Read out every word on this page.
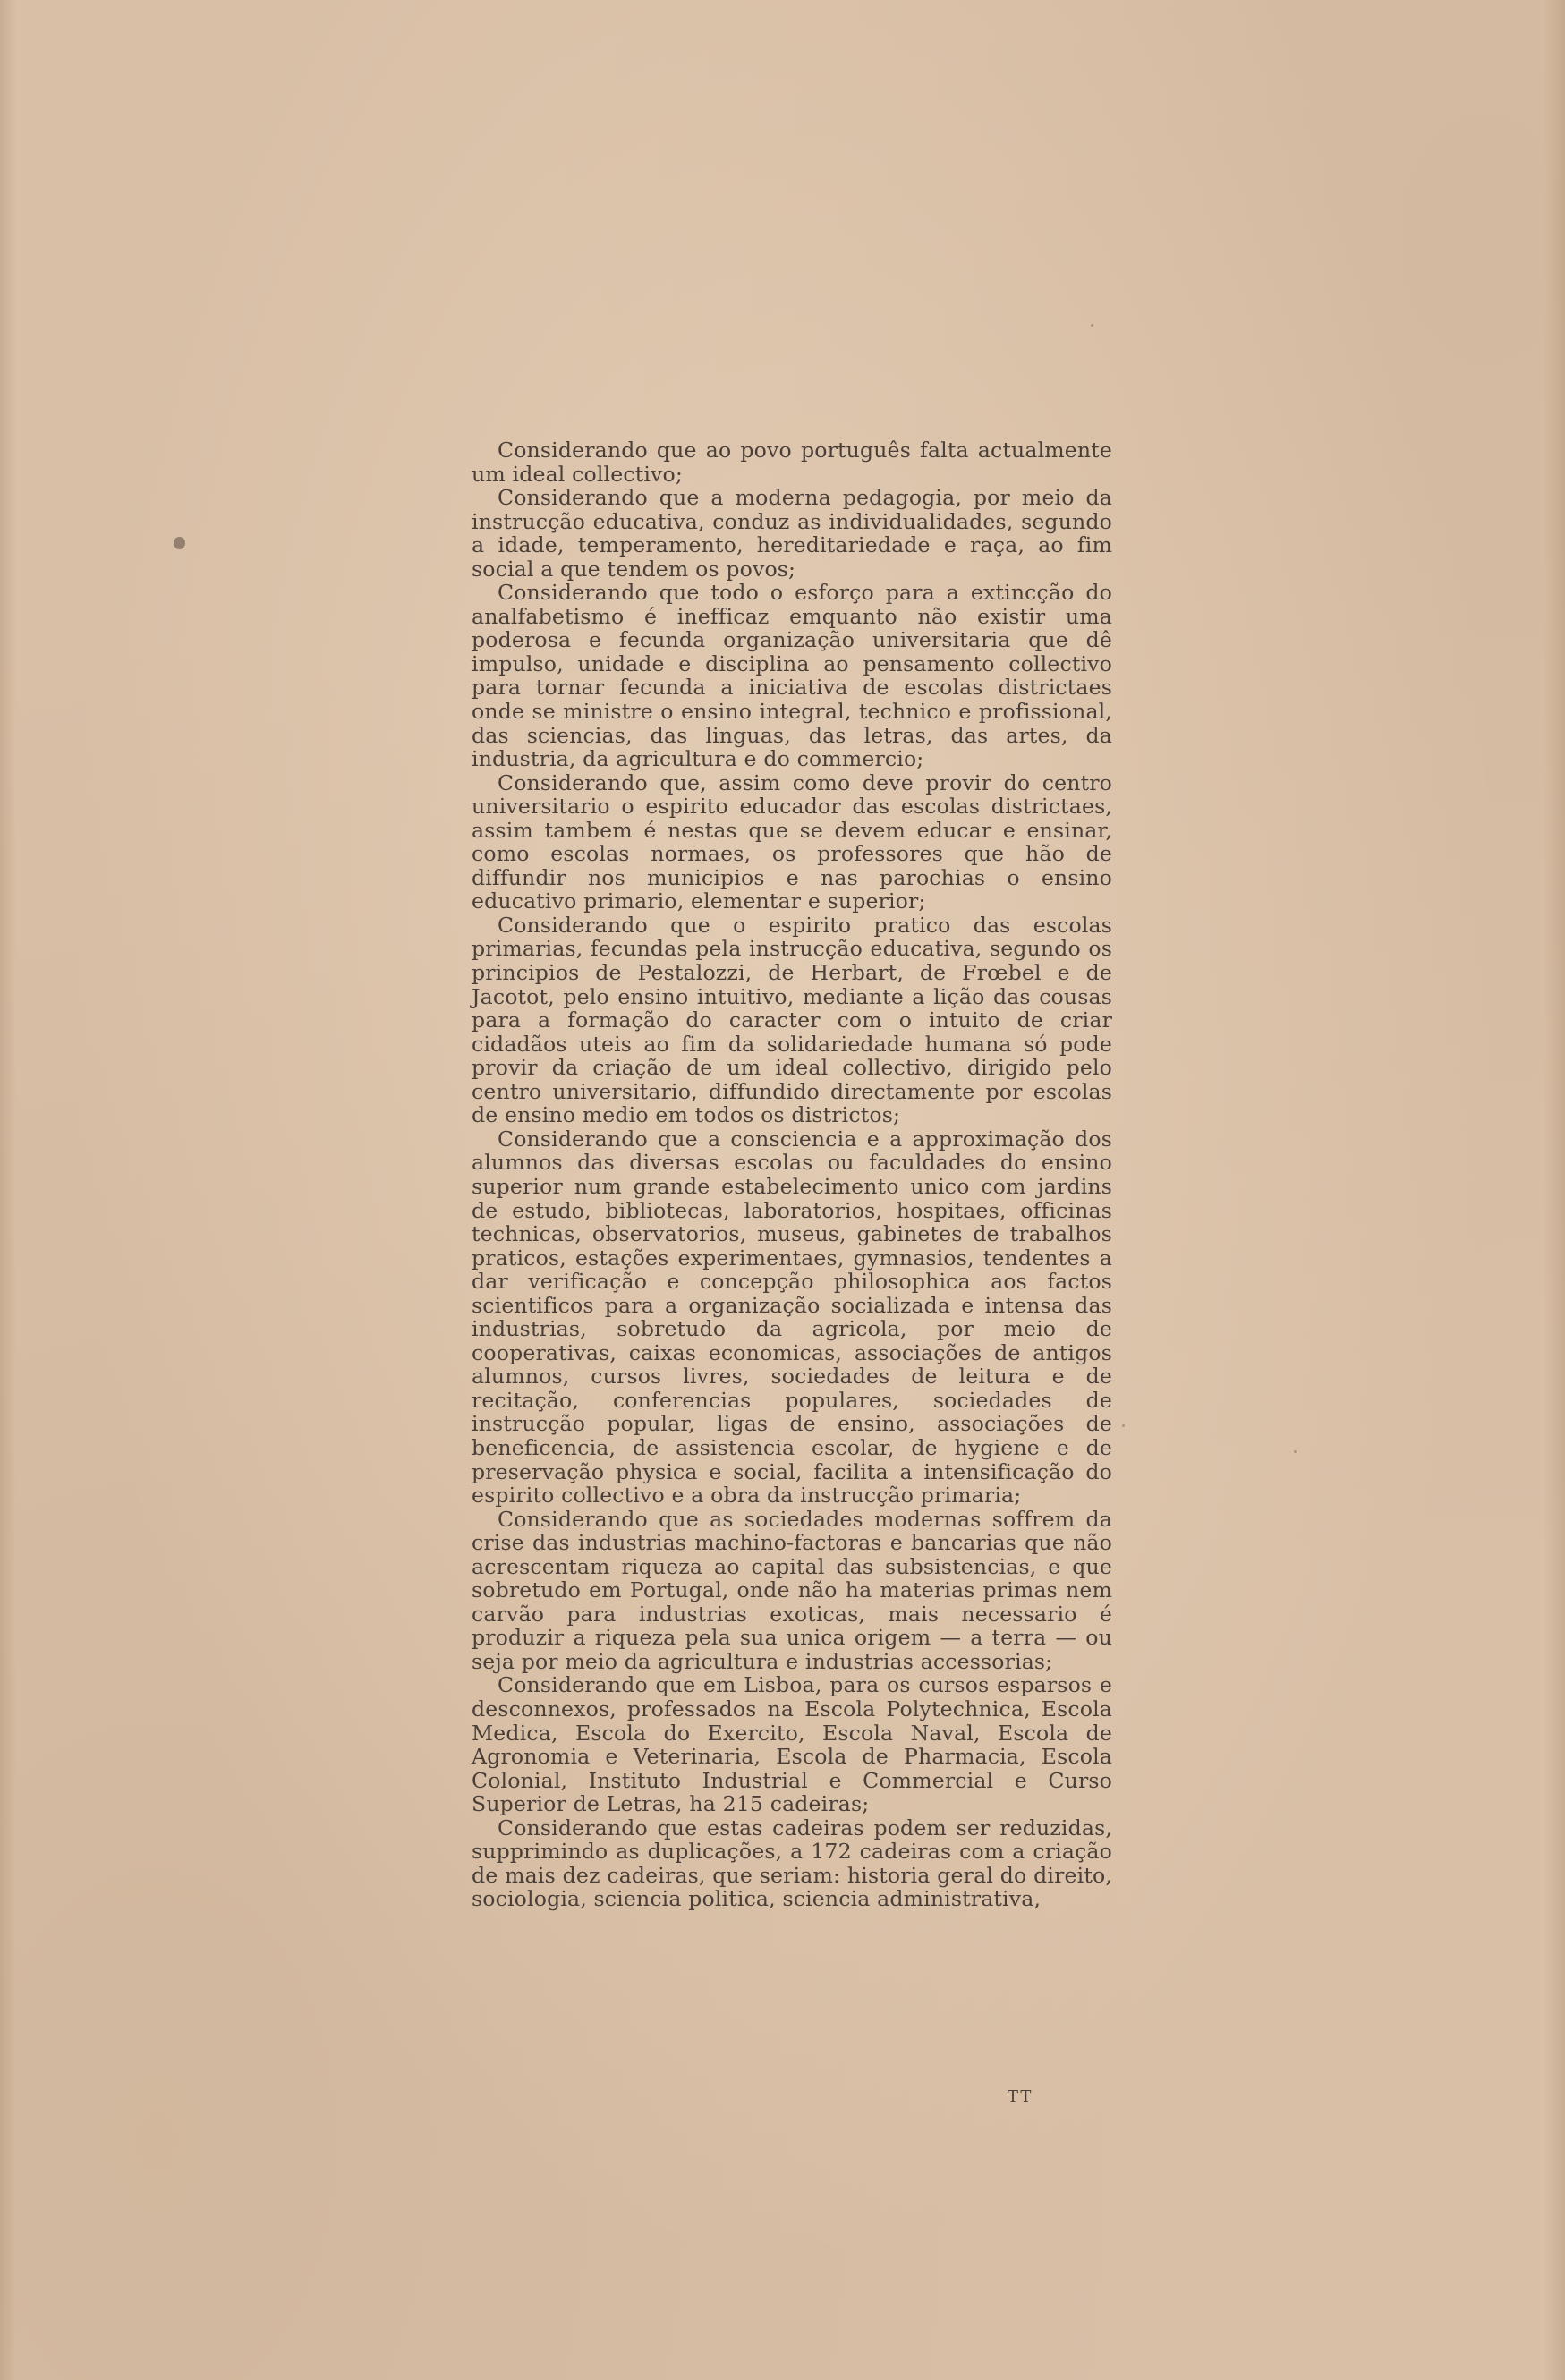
Considerando que ao povo português falta actualmente um ideal collectivo;

Considerando que a moderna pedagogia, por meio da instrucção educativa, conduz as individualidades, segundo a idade, temperamento, hereditariedade e raça, ao fim social a que tendem os povos;

Considerando que todo o esforço para a extincção do analfabetismo é inefficaz emquanto não existir uma poderosa e fecunda organização universitaria que dê impulso, unidade e disciplina ao pensamento collectivo para tornar fecunda a iniciativa de escolas districtaes onde se ministre o ensino integral, technico e profissional, das sciencias, das linguas, das letras, das artes, da industria, da agricultura e do commercio;

Considerando que, assim como deve provir do centro universitario o espirito educador das escolas districtaes, assim tambem é nestas que se devem educar e ensinar, como escolas normaes, os professores que hão de diffundir nos municipios e nas parochias o ensino educativo primario, elementar e superior;

Considerando que o espirito pratico das escolas primarias, fecundas pela instrucção educativa, segundo os principios de Pestalozzi, de Herbart, de Frœbel e de Jacotot, pelo ensino intuitivo, mediante a lição das cousas para a formação do caracter com o intuito de criar cidadãos uteis ao fim da solidariedade humana só pode provir da criação de um ideal collectivo, dirigido pelo centro universitario, diffundido directamente por escolas de ensino medio em todos os districtos;

Considerando que a consciencia e a approximação dos alumnos das diversas escolas ou faculdades do ensino superior num grande estabelecimento unico com jardins de estudo, bibliotecas, laboratorios, hospitaes, officinas technicas, observatorios, museus, gabinetes de trabalhos praticos, estações experimentaes, gymnasios, tendentes a dar verificação e concepção philosophica aos factos scientificos para a organização socializada e intensa das industrias, sobretudo da agricola, por meio de cooperativas, caixas economicas, associações de antigos alumnos, cursos livres, sociedades de leitura e de recitação, conferencias populares, sociedades de instrucção popular, ligas de ensino, associações de beneficencia, de assistencia escolar, de hygiene e de preservação physica e social, facilita a intensificação do espirito collectivo e a obra da instrucção primaria;

Considerando que as sociedades modernas soffrem da crise das industrias machino-factoras e bancarias que não acrescentam riqueza ao capital das subsistencias, e que sobretudo em Portugal, onde não ha materias primas nem carvão para industrias exoticas, mais necessario é produzir a riqueza pela sua unica origem — a terra — ou seja por meio da agricultura e industrias accessorias;

Considerando que em Lisboa, para os cursos esparsos e desconnexos, professados na Escola Polytechnica, Escola Medica, Escola do Exercito, Escola Naval, Escola de Agronomia e Veterinaria, Escola de Pharmacia, Escola Colonial, Instituto Industrial e Commercial e Curso Superior de Letras, ha 215 cadeiras;

Considerando que estas cadeiras podem ser reduzidas, supprimindo as duplicações, a 172 cadeiras com a criação de mais dez cadeiras, que seriam: historia geral do direito, sociologia, sciencia politica, sciencia administrativa,

TT
